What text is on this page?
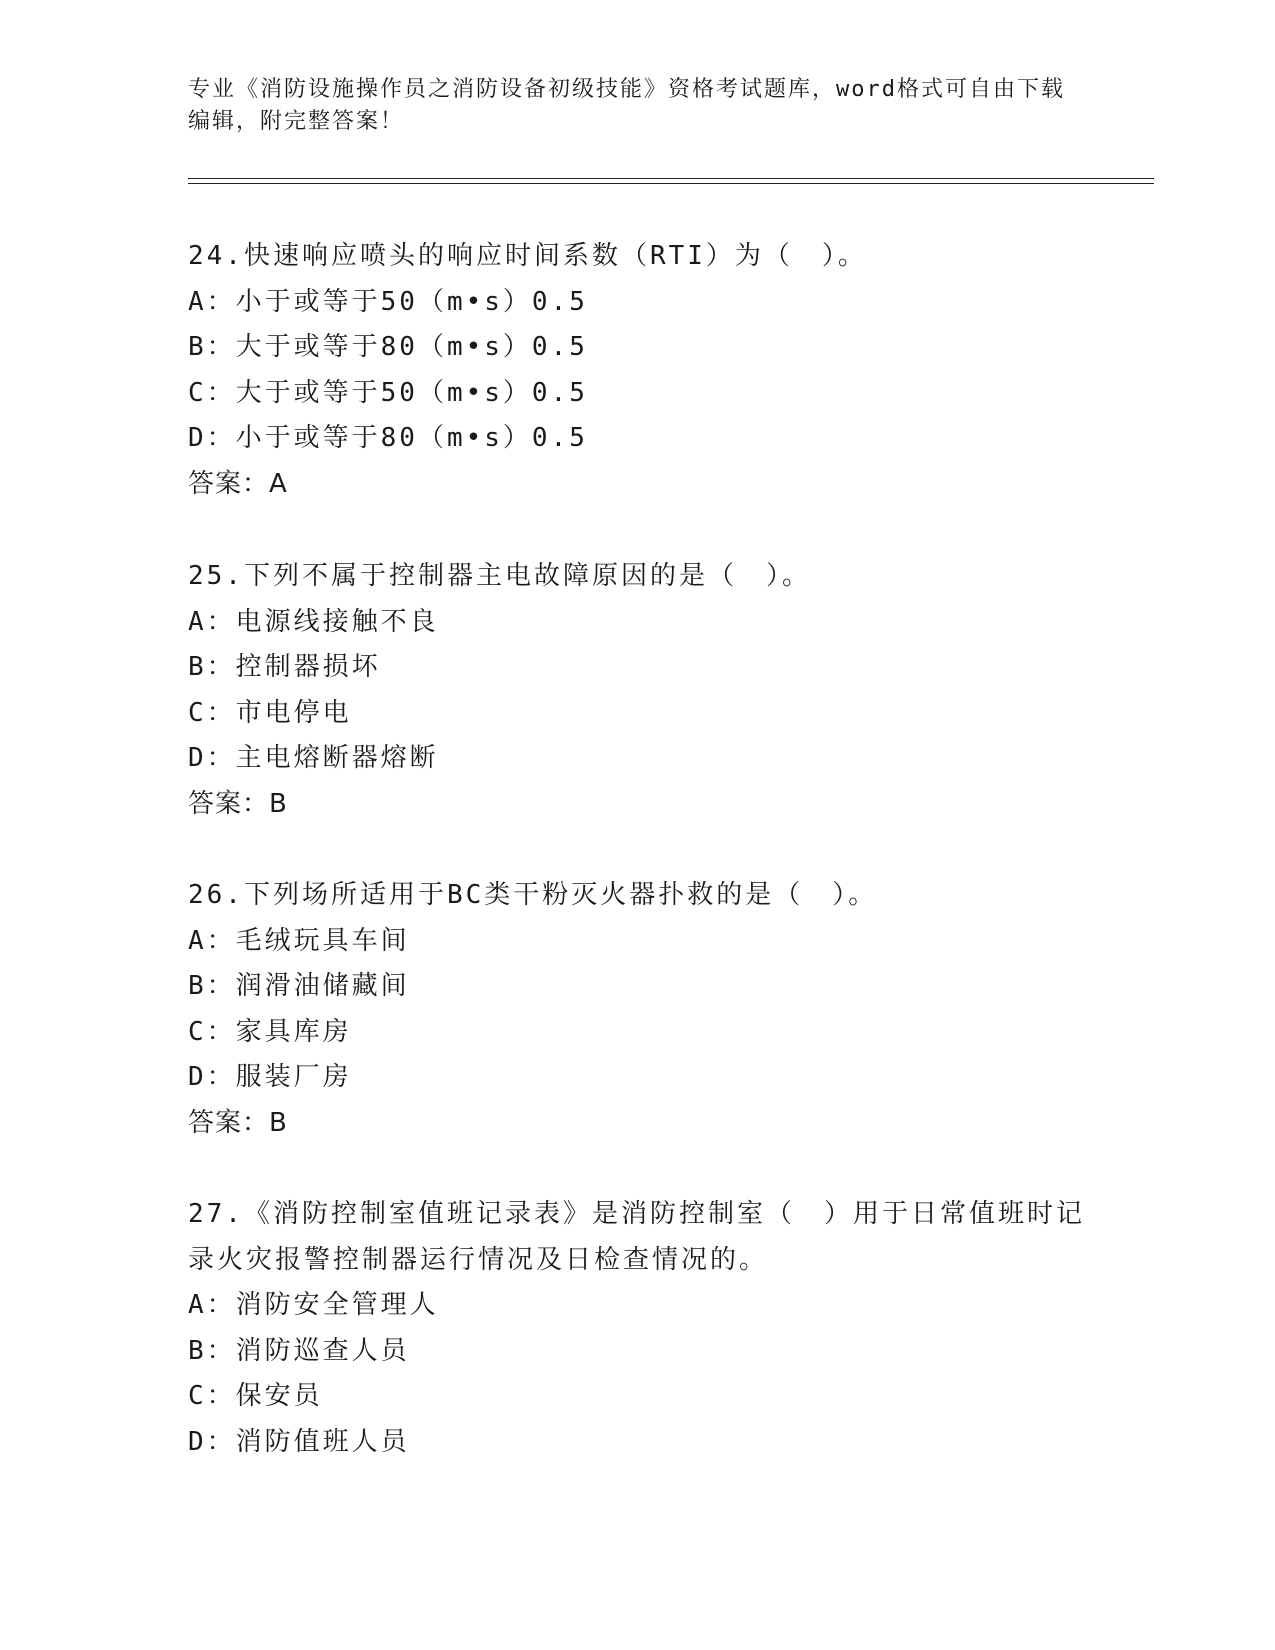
专业《消防设施操作员之消防设备初级技能》资格考试题库，word格式可自由下载编辑，附完整答案！

24.快速响应喷头的响应时间系数（RTI）为（　）。

A：小于或等于50（m•s）0.5

B：大于或等于80（m•s）0.5

C：大于或等于50（m•s）0.5

D：小于或等于80（m•s）0.5

答案：A

25.下列不属于控制器主电故障原因的是（　）。

A：电源线接触不良

B：控制器损坏

C：市电停电

D：主电熔断器熔断

答案：B

26.下列场所适用于BC类干粉灭火器扑救的是（　）。

A：毛绒玩具车间

B：润滑油储藏间

C：家具库房

D：服装厂房

答案：B

27.《消防控制室值班记录表》是消防控制室（　）用于日常值班时记录火灾报警控制器运行情况及日检查情况的。

A：消防安全管理人

B：消防巡查人员

C：保安员

D：消防值班人员
